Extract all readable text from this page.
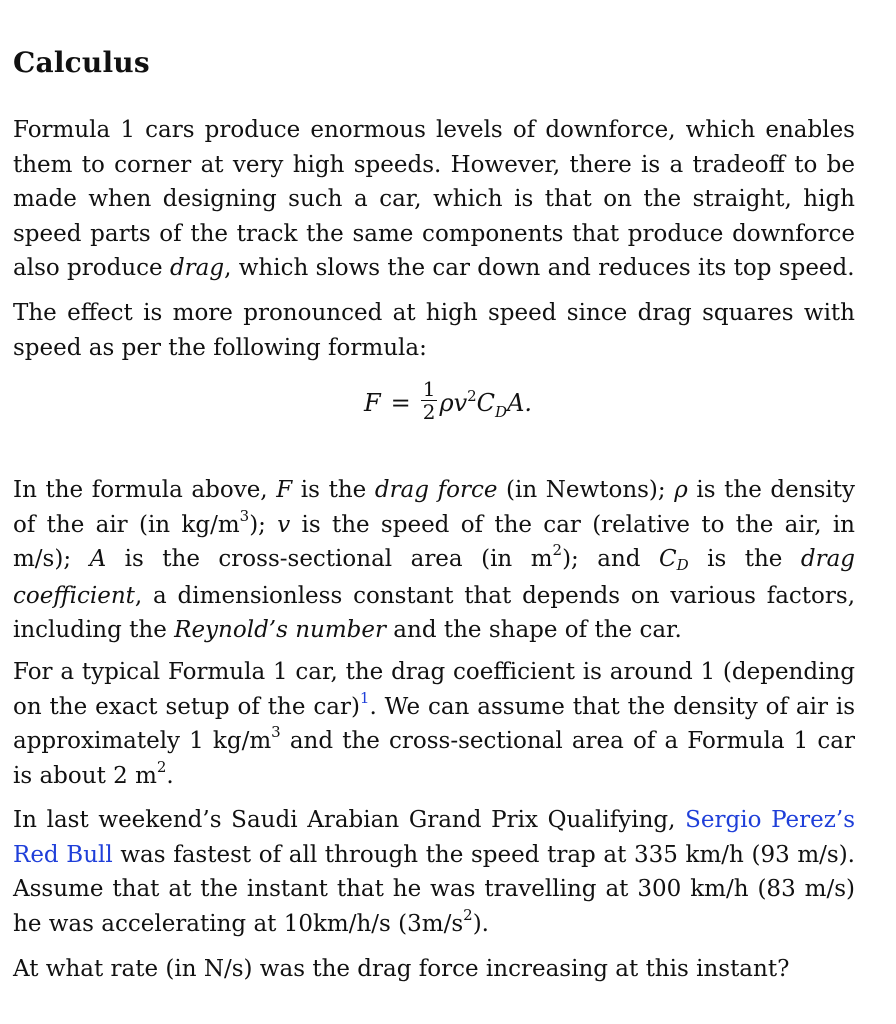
Calculus
Formula 1 cars produce enormous levels of downforce, which enables them to corner at very high speeds. However, there is a tradeoff to be made when designing such a car, which is that on the straight, high speed parts of the track the same components that produce downforce also produce drag, which slows the car down and reduces its top speed.
The effect is more pronounced at high speed since drag squares with speed as per the following formula:
$F = \frac{1}{2} \rho v^2C_DA$.
In the formula above, F is the drag force (in Newtons); ρ is the density of the air (in $kg/m^3$); v is the speed of the car (relative to the air, in m/s); A is the cross-sectional area (in $m^2$); and CD is the drag coefficient, a dimensionless constant that depends on various factors, including the Reynold’s number and the shape of the car.
For a typical Formula 1 car, the drag coefficient is around 1 (depending on the exact setup of the car)$^1$. We can assume that the density of air is approximately 1 $kg/m^3$ and the cross-sectional area of a Formula 1 car is about 2 $m^2$.
In last weekend’s Saudi Arabian Grand Prix Qualifying, Sergio Perez’s Red Bull was fastest of all through the speed trap at 335 km/h (93 m/s). Assume that at the instant that he was travelling at 300 km/h (83 m/s) he was accelerating at 10km/h/s $(3m/s^2)$.
At what rate (in N/s) was the drag force increasing at this instant?
